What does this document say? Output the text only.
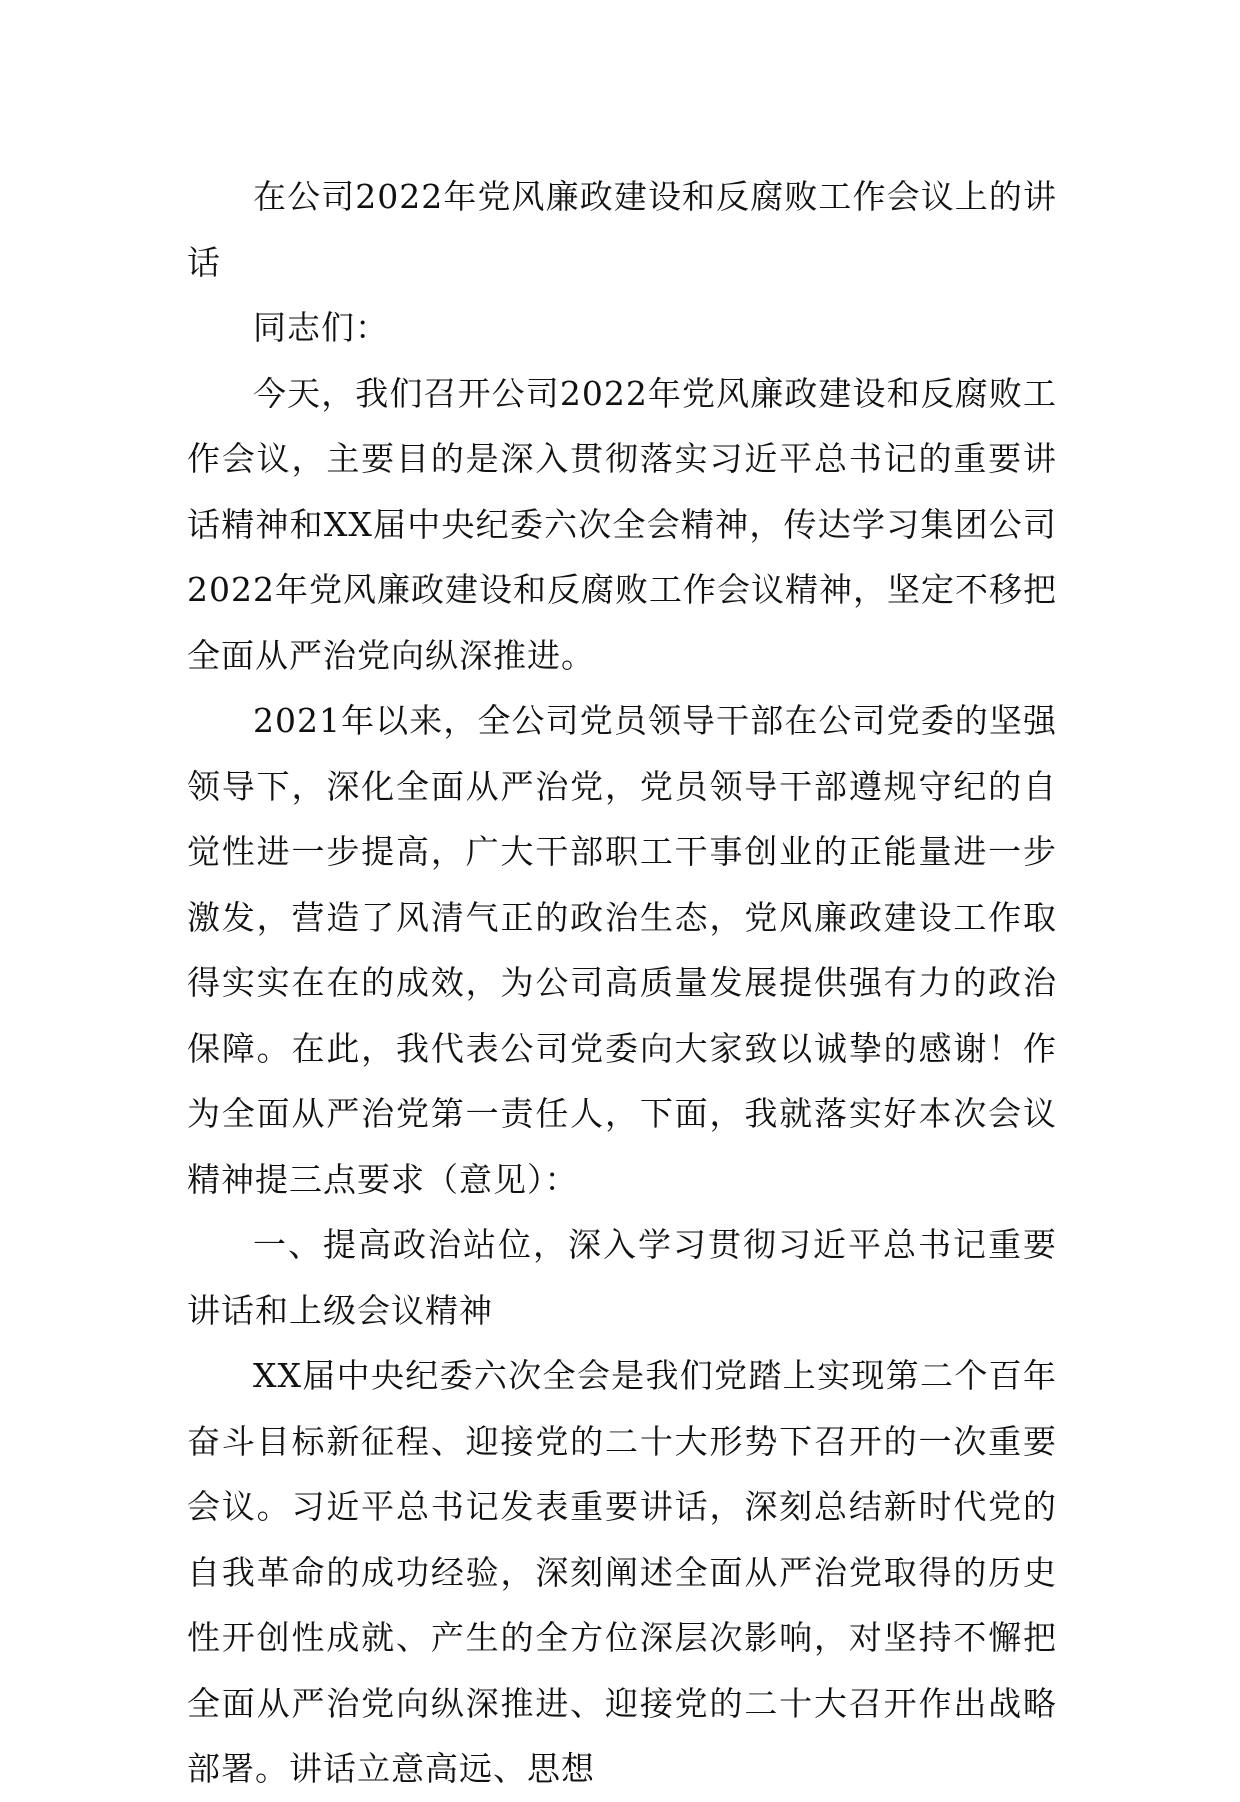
在公司2022年党风廉政建设和反腐败工作会议上的讲话

同志们：

今天，我们召开公司2022年党风廉政建设和反腐败工作会议，主要目的是深入贯彻落实习近平总书记的重要讲话精神和XX届中央纪委六次全会精神，传达学习集团公司2022年党风廉政建设和反腐败工作会议精神，坚定不移把全面从严治党向纵深推进。

2021年以来，全公司党员领导干部在公司党委的坚强领导下，深化全面从严治党，党员领导干部遵规守纪的自觉性进一步提高，广大干部职工干事创业的正能量进一步激发，营造了风清气正的政治生态，党风廉政建设工作取得实实在在的成效，为公司高质量发展提供强有力的政治保障。在此，我代表公司党委向大家致以诚挚的感谢！作为全面从严治党第一责任人，下面，我就落实好本次会议精神提三点要求（意见）：

一、提高政治站位，深入学习贯彻习近平总书记重要讲话和上级会议精神

XX届中央纪委六次全会是我们党踏上实现第二个百年奋斗目标新征程、迎接党的二十大形势下召开的一次重要会议。习近平总书记发表重要讲话，深刻总结新时代党的自我革命的成功经验，深刻阐述全面从严治党取得的历史性开创性成就、产生的全方位深层次影响，对坚持不懈把全面从严治党向纵深推进、迎接党的二十大召开作出战略部署。讲话立意高远、思想
